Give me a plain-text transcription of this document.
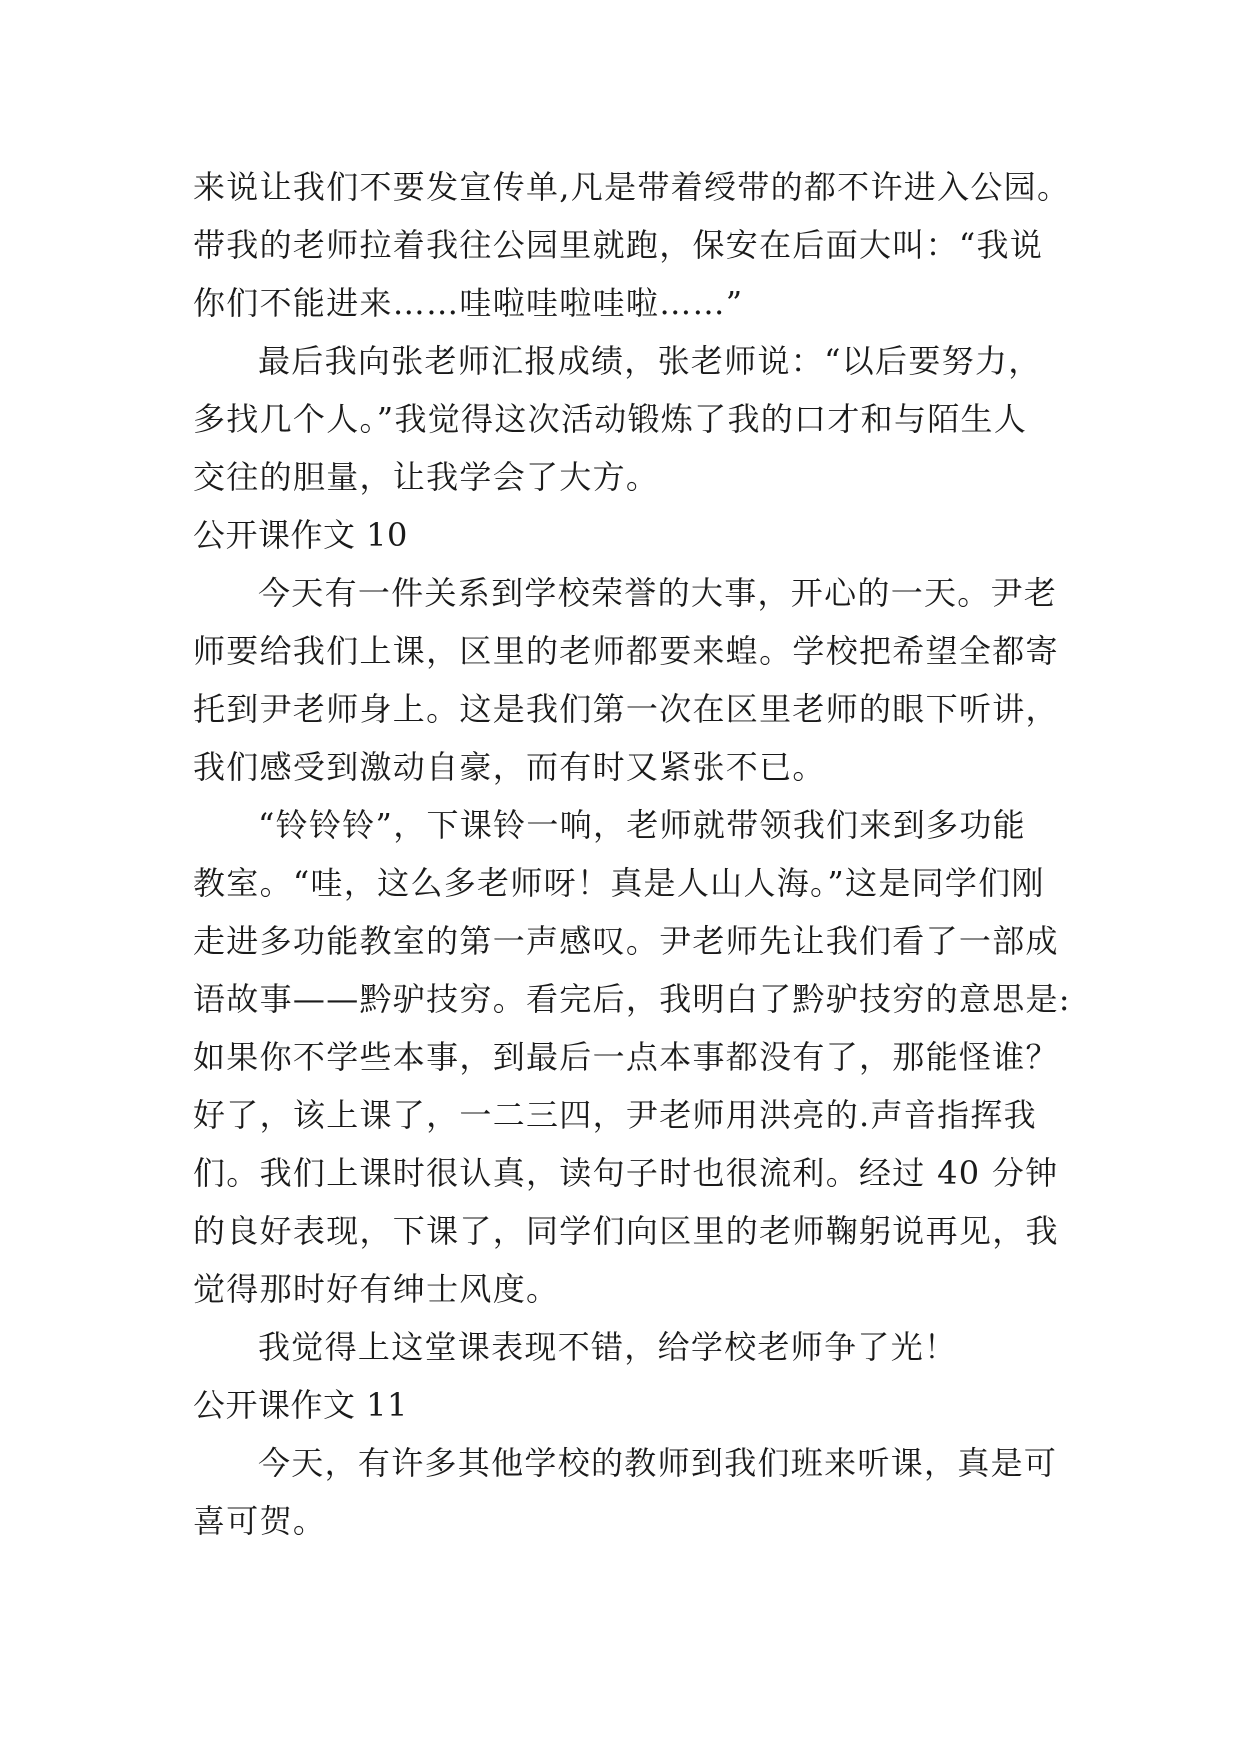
来说让我们不要发宣传单,凡是带着绶带的都不许进入公园。
带我的老师拉着我往公园里就跑，保安在后面大叫：“我说
你们不能进来……哇啦哇啦哇啦……”
最后我向张老师汇报成绩，张老师说：“以后要努力，
多找几个人。”我觉得这次活动锻炼了我的口才和与陌生人
交往的胆量，让我学会了大方。
公开课作文 10
今天有一件关系到学校荣誉的大事，开心的一天。尹老
师要给我们上课，区里的老师都要来蝗。学校把希望全都寄
托到尹老师身上。这是我们第一次在区里老师的眼下听讲，
我们感受到激动自豪，而有时又紧张不已。
“铃铃铃”，下课铃一响，老师就带领我们来到多功能
教室。“哇，这么多老师呀！真是人山人海。”这是同学们刚
走进多功能教室的第一声感叹。尹老师先让我们看了一部成
语故事——黔驴技穷。看完后，我明白了黔驴技穷的意思是:
如果你不学些本事，到最后一点本事都没有了，那能怪谁？
好了，该上课了，一二三四，尹老师用洪亮的.声音指挥我
们。我们上课时很认真，读句子时也很流利。经过 40 分钟
的良好表现，下课了，同学们向区里的老师鞠躬说再见，我
觉得那时好有绅士风度。
我觉得上这堂课表现不错，给学校老师争了光！
公开课作文 11
今天，有许多其他学校的教师到我们班来听课，真是可
喜可贺。
